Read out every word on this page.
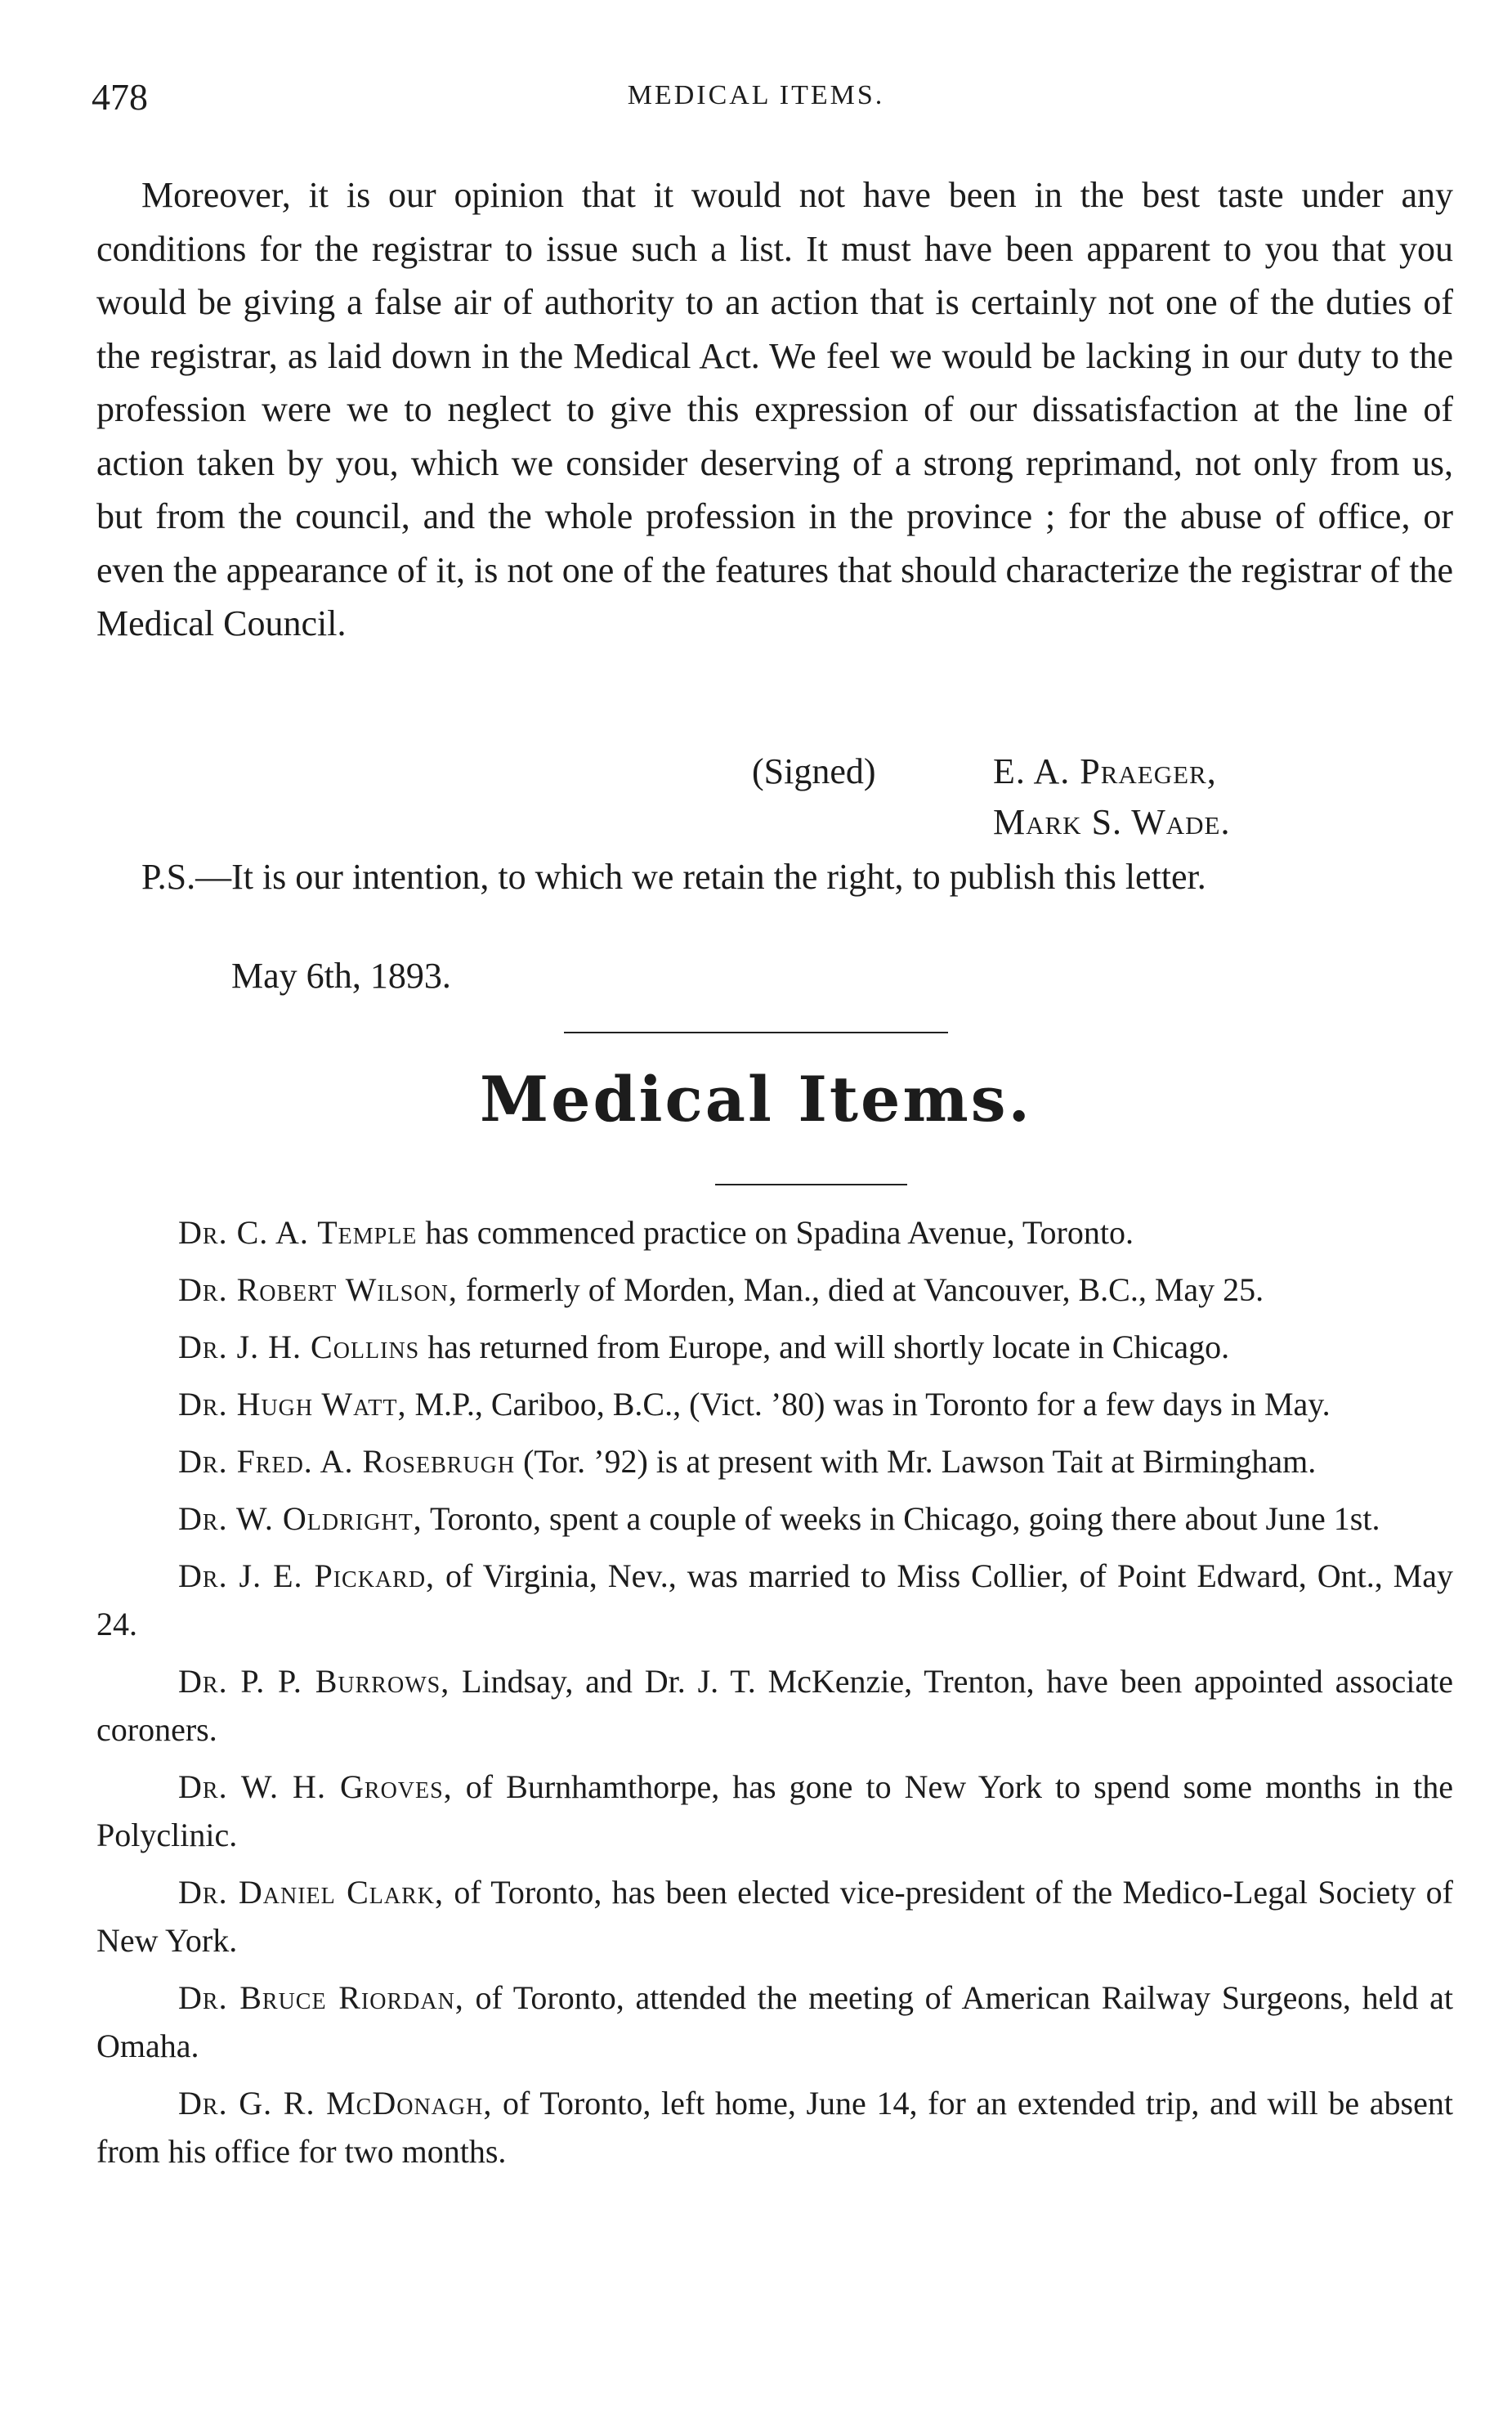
478	MEDICAL ITEMS.

Moreover, it is our opinion that it would not have been in the best taste under any conditions for the registrar to issue such a list. It must have been apparent to you that you would be giving a false air of authority to an action that is certainly not one of the duties of the registrar, as laid down in the Medical Act. We feel we would be lacking in our duty to the profession were we to neglect to give this expression of our dissatisfaction at the line of action taken by you, which we consider deserving of a strong reprimand, not only from us, but from the council, and the whole profession in the province ; for the abuse of office, or even the appearance of it, is not one of the features that should characterize the registrar of the Medical Council.

(Signed)	E. A. Praeger,
Mark S. Wade.

P.S.—It is our intention, to which we retain the right, to publish this letter.

May 6th, 1893.
Medical Items.

Dr. C. A. Temple has commenced practice on Spadina Avenue, Toronto.

Dr. Robert Wilson, formerly of Morden, Man., died at Vancouver, B.C., May 25.

Dr. J. H. Collins has returned from Europe, and will shortly locate in Chicago.

Dr. Hugh Watt, M.P., Cariboo, B.C., (Vict. ’80) was in Toronto for a few days in May.

Dr. Fred. A. Rosebrugh (Tor. ’92) is at present with Mr. Lawson Tait at Birmingham.

Dr. W. Oldright, Toronto, spent a couple of weeks in Chicago, going there about June 1st.

Dr. J. E. Pickard, of Virginia, Nev., was married to Miss Collier, of Point Edward, Ont., May 24.

Dr. P. P. Burrows, Lindsay, and Dr. J. T. McKenzie, Trenton, have been appointed associate coroners.

Dr. W. H. Groves, of Burnhamthorpe, has gone to New York to spend some months in the Polyclinic.

Dr. Daniel Clark, of Toronto, has been elected vice-president of the Medico-Legal Society of New York.

Dr. Bruce Riordan, of Toronto, attended the meeting of American Railway Surgeons, held at Omaha.

Dr. G. R. McDonagh, of Toronto, left home, June 14, for an extended trip, and will be absent from his office for two months.
